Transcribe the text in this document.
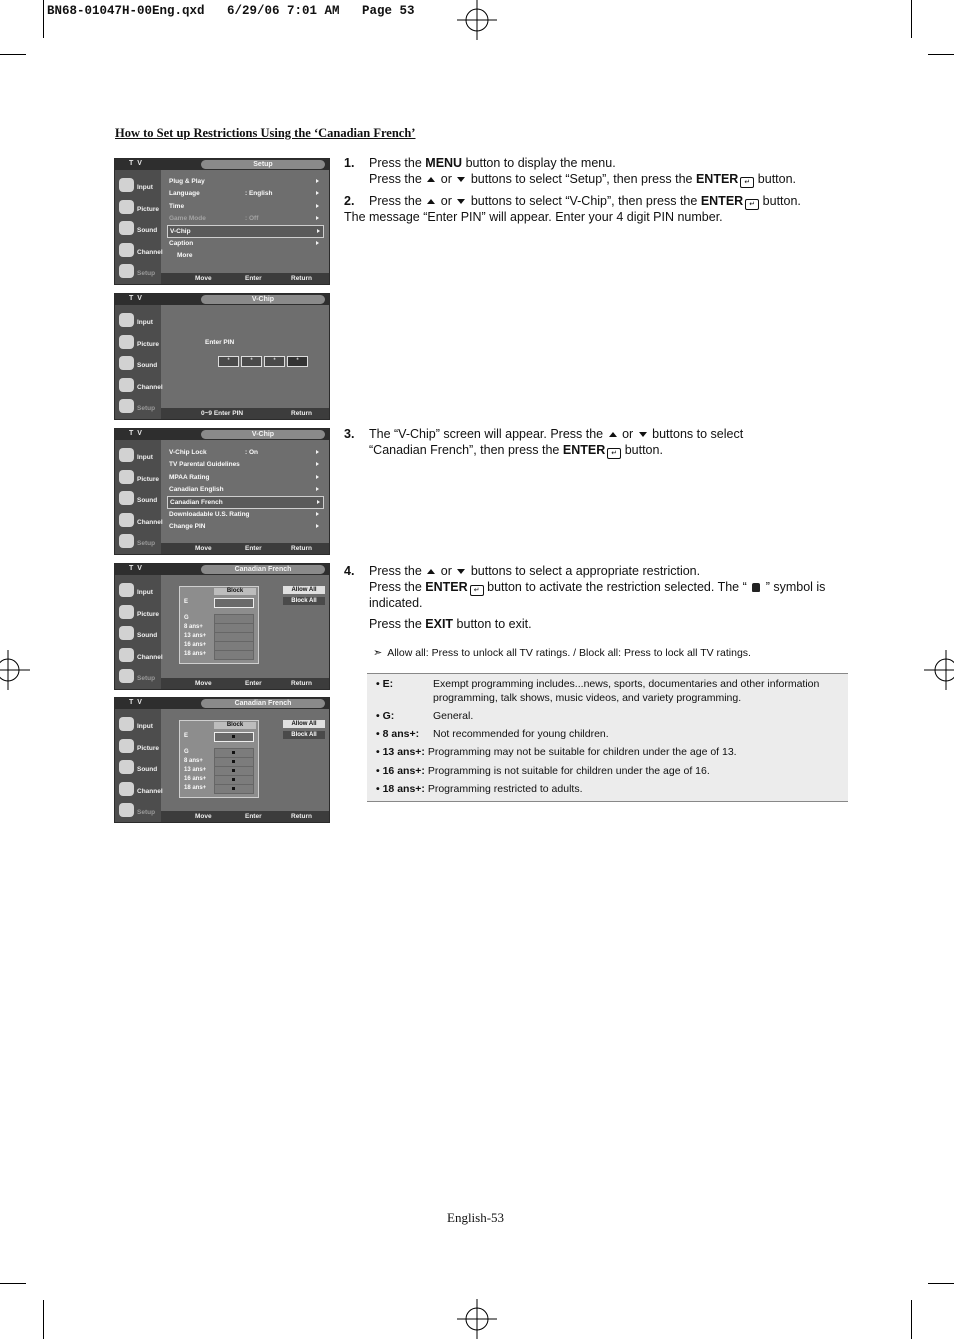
BN68-01047H-00Eng.qxd   6/29/06 7:01 AM   Page 53
How to Set up Restrictions Using the ‘Canadian French’
T V	Setup
Input
Picture
Sound
Channel
Setup
Plug & Play
Language	: English
Time
Game Mode	: Off
V-Chip
Caption
More
Move	Enter	Return
T V	V-Chip
Input
Picture
Sound
Channel
Setup
Enter PIN
*	*	*	*
0~9 Enter PIN	Return
T V	V-Chip
Input
Picture
Sound
Channel
Setup
V-Chip Lock	: On
TV Parental Guidelines
MPAA Rating
Canadian English
Canadian French
Downloadable U.S. Rating
Change PIN
Move	Enter	Return
T V	Canadian French
Input
Picture
Sound
Channel
Setup
Block
E
G
8 ans+
13 ans+
16 ans+
18 ans+
Allow All
Block All
Move	Enter	Return
T V	Canadian French
Input
Picture
Sound
Channel
Setup
Block
E
G
8 ans+
13 ans+
16 ans+
18 ans+
Allow All
Block All
Move	Enter	Return
1. Press the MENU button to display the menu.
Press the  or  buttons to select “Setup”, then press the ENTER ↵ button.
2. Press the  or  buttons to select “V-Chip”, then press the ENTER ↵ button.
The message “Enter PIN” will appear. Enter your 4 digit PIN number.
3. The “V-Chip” screen will appear. Press the  or  buttons to select
“Canadian French”, then press the ENTER ↵ button.
4. Press the  or  buttons to select a appropriate restriction.
Press the ENTER ↵ button to activate the restriction selected. The “  ” symbol is indicated.
Press the EXIT button to exit.
➣ Allow all: Press to unlock all TV ratings. / Block all: Press to lock all TV ratings.
• E:	Exempt programming includes...news, sports, documentaries and other information programming, talk shows, music videos, and variety programming.
• G:	General.
• 8 ans+: Not recommended for young children.
• 13 ans+: Programming may not be suitable for children under the age of 13.
• 16 ans+: Programming is not suitable for children under the age of 16.
• 18 ans+: Programming restricted to adults.
English-53
